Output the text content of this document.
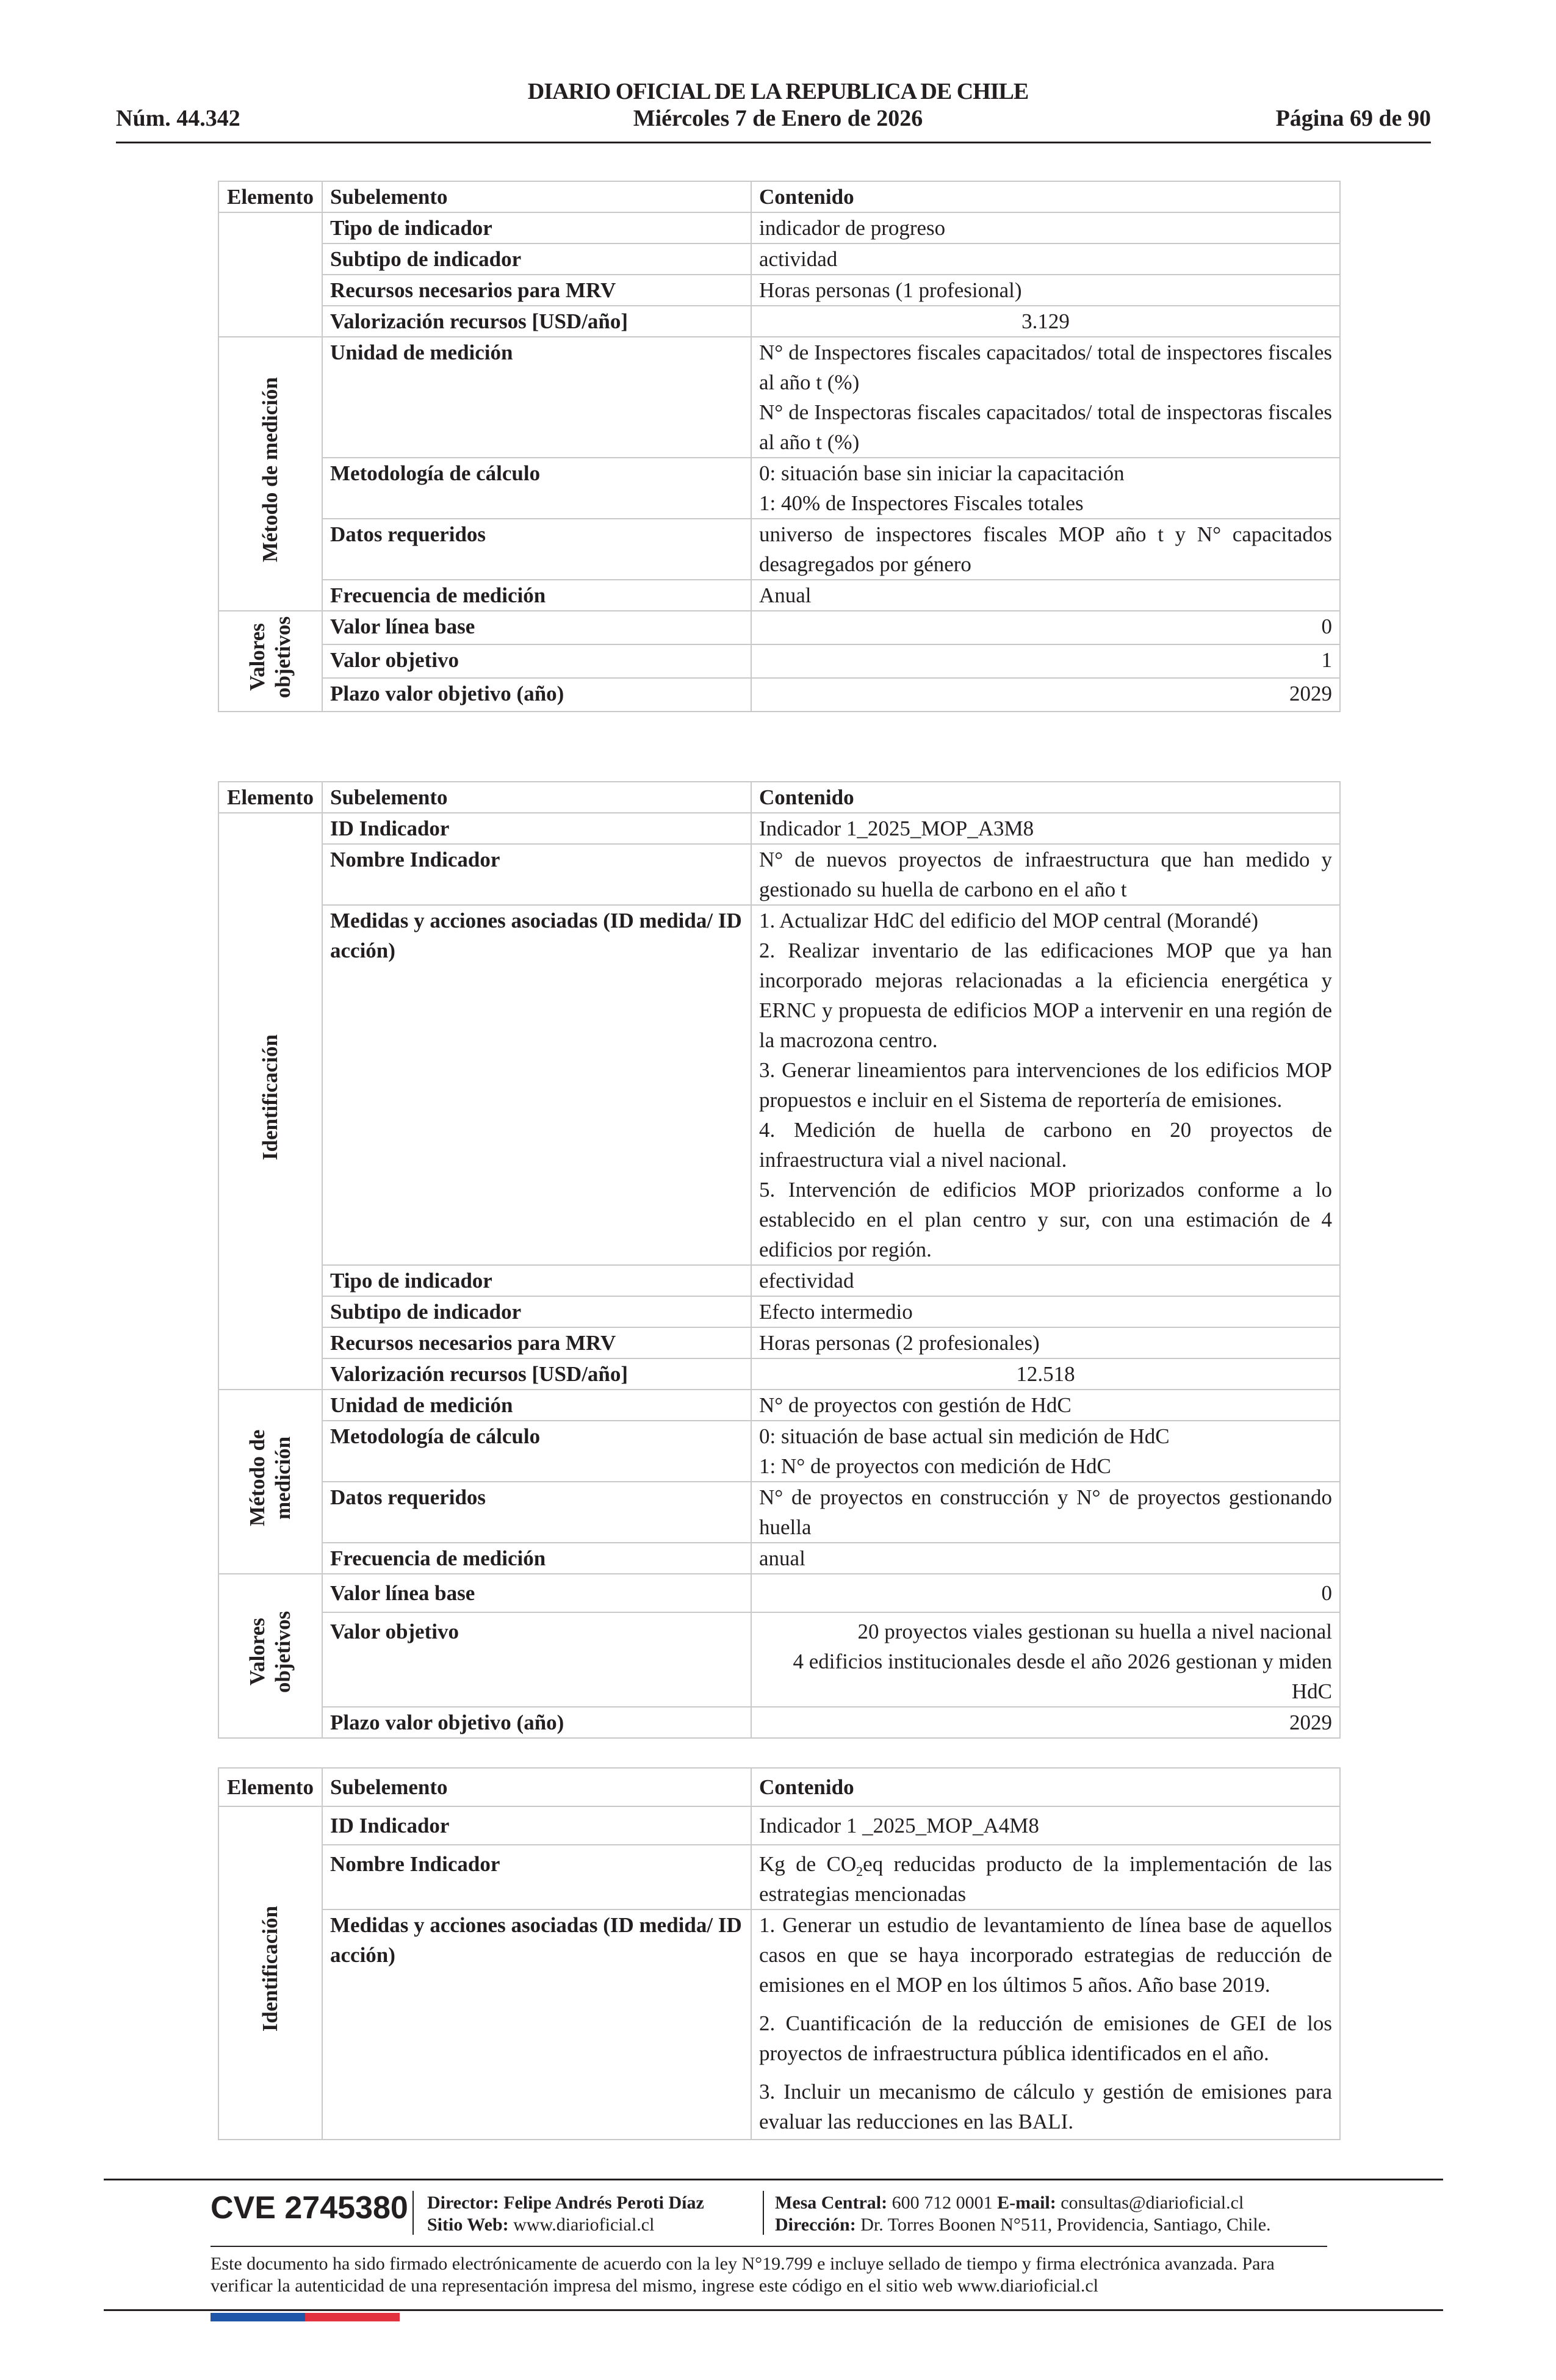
DIARIO OFICIAL DE LA REPUBLICA DE CHILE
Miércoles 7 de Enero de 2026
Núm. 44.342	Página 69 de 90
Elemento	Subelemento	Contenido
	Tipo de indicador	indicador de progreso
	Subtipo de indicador	actividad
	Recursos necesarios para MRV	Horas personas (1 profesional)
	Valorización recursos [USD/año]	3.129
Método de medición	Unidad de medición	N° de Inspectores fiscales capacitados/ total de inspectores fiscales al año t (%)

N° de Inspectoras fiscales capacitados/ total de inspectoras fiscales al año t (%)

	Metodología de cálculo	0: situación base sin iniciar la capacitación

1: 40% de Inspectores Fiscales totales

	Datos requeridos	universo de inspectores fiscales MOP año t y N° capacitados desagregados por género
	Frecuencia de medición	Anual
Valores objetivos	Valor línea base	0
	Valor objetivo	1
	Plazo valor objetivo (año)	2029
Elemento	Subelemento	Contenido
Identificación	ID Indicador	Indicador 1_2025_MOP_A3M8
	Nombre Indicador	N° de nuevos proyectos de infraestructura que han medido y gestionado su huella de carbono en el año t
	Medidas y acciones asociadas (ID medida/ ID acción)	1. Actualizar HdC del edificio del MOP central (Morandé)

2. Realizar inventario de las edificaciones MOP que ya han incorporado mejoras relacionadas a la eficiencia energética y ERNC y propuesta de edificios MOP a intervenir en una región de la macrozona centro.

3. Generar lineamientos para intervenciones de los edificios MOP propuestos e incluir en el Sistema de reportería de emisiones.

4. Medición de huella de carbono en 20 proyectos de infraestructura vial a nivel nacional.

5. Intervención de edificios MOP priorizados conforme a lo establecido en el plan centro y sur, con una estimación de 4 edificios por región.

	Tipo de indicador	efectividad
	Subtipo de indicador	Efecto intermedio
	Recursos necesarios para MRV	Horas personas (2 profesionales)
	Valorización recursos [USD/año]	12.518
Método de
medición	Unidad de medición	N° de proyectos con gestión de HdC
	Metodología de cálculo	0: situación de base actual sin medición de HdC

1: N° de proyectos con medición de HdC

	Datos requeridos	N° de proyectos en construcción y N° de proyectos gestionando huella
	Frecuencia de medición	anual
Valores objetivos	Valor línea base	0
	Valor objetivo	20 proyectos viales gestionan su huella a nivel nacional

4 edificios institucionales desde el año 2026 gestionan y miden HdC

	Plazo valor objetivo (año)	2029
Elemento	Subelemento	Contenido
Identificación	ID Indicador	Indicador 1 _2025_MOP_A4M8
	Nombre Indicador	Kg de $CO_2eq$ reducidas producto de la implementación de las estrategias mencionadas
	Medidas y acciones asociadas (ID medida/ ID acción)	1. Generar un estudio de levantamiento de línea base de aquellos casos en que se haya incorporado estrategias de reducción de emisiones en el MOP en los últimos 5 años. Año base 2019.

2. Cuantificación de la reducción de emisiones de GEI de los proyectos de infraestructura pública identificados en el año.

3. Incluir un mecanismo de cálculo y gestión de emisiones para evaluar las reducciones en las BALI.

CVE 2745380 Director: Felipe Andrés Peroti Díaz
Sitio Web: www.diarioficial.cl
Mesa Central: 600 712 0001 E-mail: consultas@diarioficial.cl
Dirección: Dr. Torres Boonen N°511, Providencia, Santiago, Chile.
Este documento ha sido firmado electrónicamente de acuerdo con la ley N°19.799 e incluye sellado de tiempo y firma electrónica avanzada. Para verificar la autenticidad de una representación impresa del mismo, ingrese este código en el sitio web www.diarioficial.cl
